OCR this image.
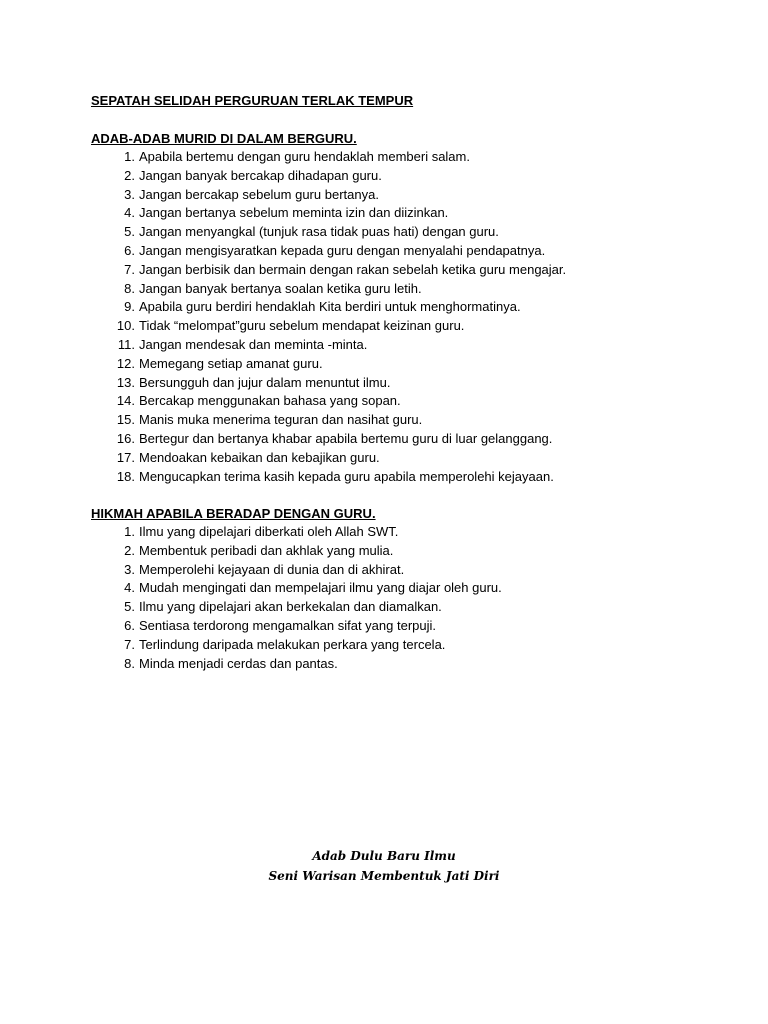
SEPATAH SELIDAH PERGURUAN TERLAK TEMPUR
ADAB-ADAB MURID DI DALAM BERGURU.
1. Apabila bertemu dengan guru hendaklah memberi salam.
2. Jangan banyak bercakap dihadapan guru.
3. Jangan bercakap sebelum guru bertanya.
4. Jangan bertanya sebelum meminta izin dan diizinkan.
5. Jangan menyangkal (tunjuk rasa tidak puas hati) dengan guru.
6. Jangan mengisyaratkan kepada guru dengan menyalahi pendapatnya.
7. Jangan berbisik dan bermain dengan rakan sebelah ketika guru mengajar.
8. Jangan banyak bertanya soalan ketika guru letih.
9. Apabila guru berdiri hendaklah Kita berdiri untuk menghormatinya.
10. Tidak “melompat”guru sebelum mendapat keizinan guru.
11. Jangan mendesak dan meminta -minta.
12. Memegang setiap amanat guru.
13. Bersungguh dan jujur dalam menuntut ilmu.
14. Bercakap menggunakan bahasa yang sopan.
15. Manis muka menerima teguran dan nasihat guru.
16. Bertegur dan bertanya khabar apabila bertemu guru di luar gelanggang.
17. Mendoakan kebaikan dan kebajikan guru.
18. Mengucapkan terima kasih kepada guru apabila memperolehi kejayaan.
HIKMAH APABILA BERADAP DENGAN GURU.
1. Ilmu yang dipelajari diberkati oleh Allah SWT.
2. Membentuk peribadi dan akhlak yang mulia.
3. Memperolehi kejayaan di dunia dan di akhirat.
4. Mudah mengingati dan mempelajari ilmu yang diajar oleh guru.
5. Ilmu yang dipelajari akan berkekalan dan diamalkan.
6. Sentiasa terdorong mengamalkan sifat yang terpuji.
7. Terlindung daripada melakukan perkara yang tercela.
8. Minda menjadi cerdas dan pantas.
Adab Dulu Baru Ilmu
Seni Warisan Membentuk Jati Diri
